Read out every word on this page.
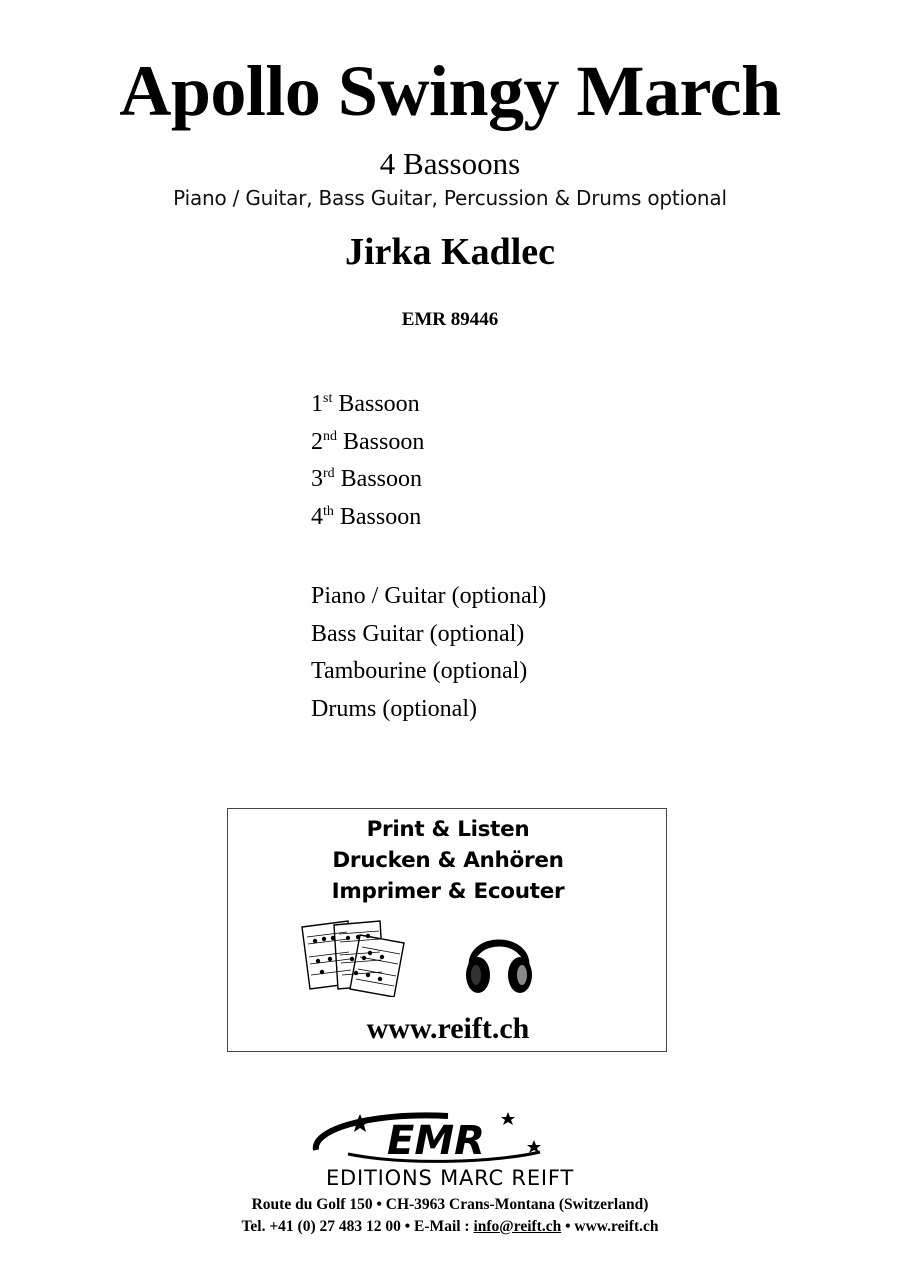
Apollo Swingy March
4 Bassoons
Piano / Guitar, Bass Guitar, Percussion & Drums optional
Jirka Kadlec
EMR 89446
1st Bassoon
2nd Bassoon
3rd Bassoon
4th Bassoon
Piano / Guitar (optional)
Bass Guitar (optional)
Tambourine (optional)
Drums (optional)
Print & Listen
Drucken & Anhören
Imprimer & Ecouter
www.reift.ch
EMR
EDITIONS MARC REIFT
Route du Golf 150 • CH-3963 Crans-Montana (Switzerland)
Tel. +41 (0) 27 483 12 00 • E-Mail : info@reift.ch • www.reift.ch
